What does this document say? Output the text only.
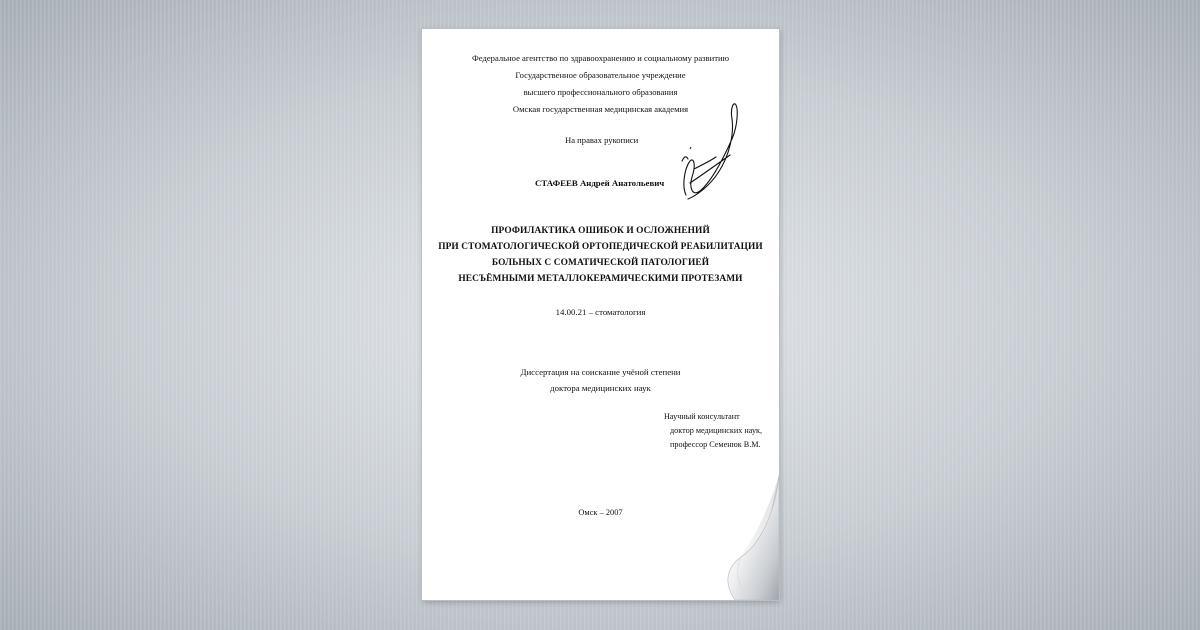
Федеральное агентство по здравоохранению и социальному развитию
Государственное образовательное учреждение
высшего профессионального образования
Омская государственная медицинская академия
На правах рукописи
СТАФЕЕВ Андрей Анатольевич
ПРОФИЛАКТИКА ОШИБОК И ОСЛОЖНЕНИЙ
ПРИ СТОМАТОЛОГИЧЕСКОЙ ОРТОПЕДИЧЕСКОЙ РЕАБИЛИТАЦИИ
БОЛЬНЫХ С СОМАТИЧЕСКОЙ ПАТОЛОГИЕЙ
НЕСЪЁМНЫМИ МЕТАЛЛОКЕРАМИЧЕСКИМИ ПРОТЕЗАМИ
14.00.21 – стоматология
Диссертация на соискание учёной степени
доктора медицинских наук
Научный консультант
доктор медицинских наук,
профессор Семенюк В.М.
Омск – 2007
